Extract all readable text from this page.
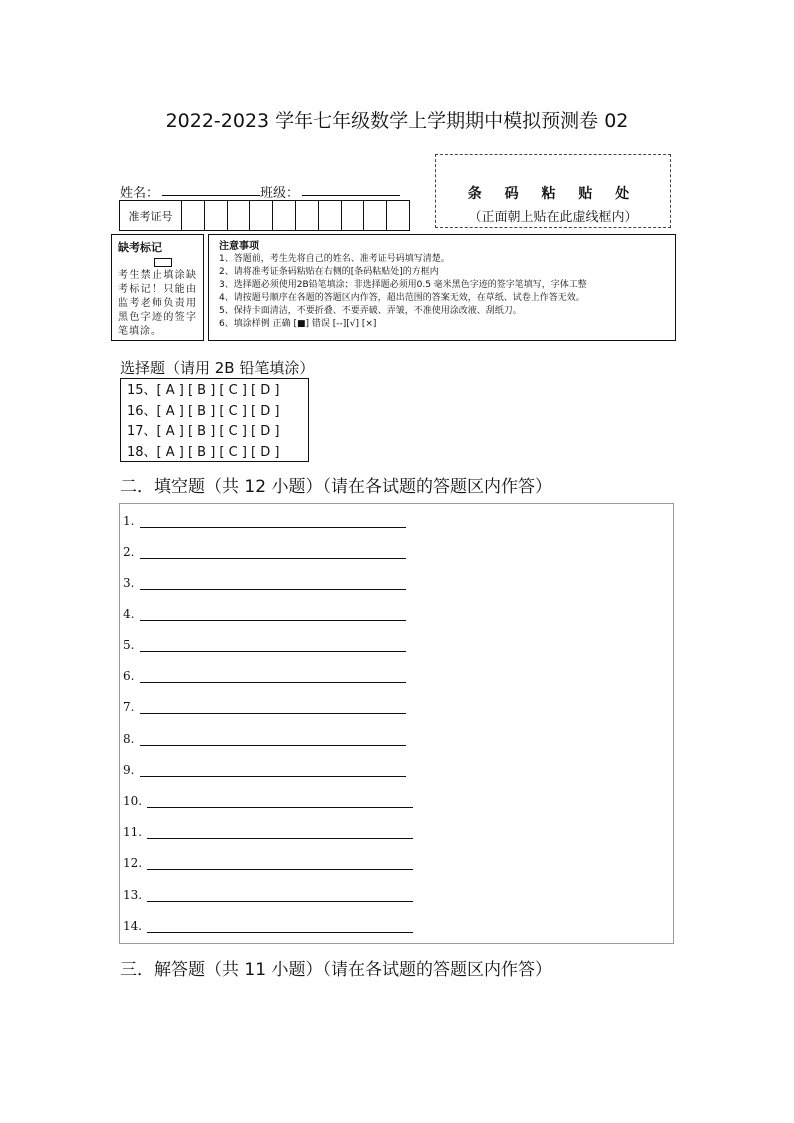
2022-2023 学年七年级数学上学期期中模拟预测卷 02
条 码 粘 贴 处
（正面朝上贴在此虚线框内）
姓名：	班级：
准考证号
缺考标记
考生禁止填涂缺考标记！只能由监考老师负责用黑色字迹的签字笔填涂。
注意事项
1、答题前，考生先将自己的姓名、准考证号码填写清楚。
2、请将准考证条码粘贴在右侧的[条码粘贴处]的方框内
3、选择题必须使用2B铅笔填涂；非选择题必须用0.5 毫米黑色字迹的签字笔填写，字体工整
4、请按题号顺序在各题的答题区内作答，超出范围的答案无效，在草纸、试卷上作答无效。
5、保持卡面清洁，不要折叠、不要弄破、弄皱，不准使用涂改液、刮纸刀。
6、填涂样例 正确 [■] 错误 [--][√] [×]
选择题（请用 2B 铅笔填涂）
15、[ A ] [ B ] [ C ] [ D ]
16、[ A ] [ B ] [ C ] [ D ]
17、[ A ] [ B ] [ C ] [ D ]
18、[ A ] [ B ] [ C ] [ D ]
二．填空题（共 12 小题）（请在各试题的答题区内作答）
1.
2.
3.
4.
5.
6.
7.
8.
9.
10.
11.
12.
13.
14.
三．解答题（共 11 小题）（请在各试题的答题区内作答）
